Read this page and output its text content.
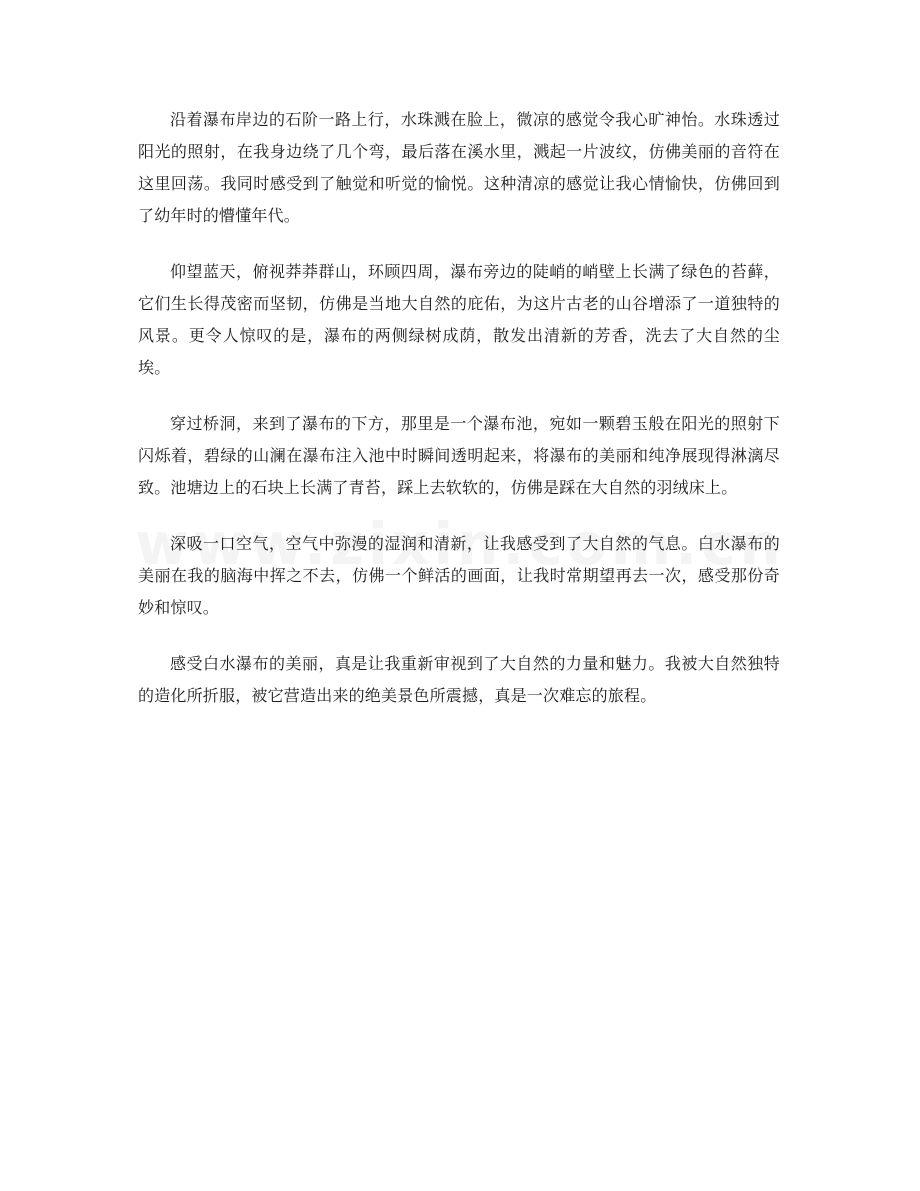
沿着瀑布岸边的石阶一路上行，水珠溅在脸上，微凉的感觉令我心旷神怡。水珠透过阳光的照射，在我身边绕了几个弯，最后落在溪水里，溅起一片波纹，仿佛美丽的音符在这里回荡。我同时感受到了触觉和听觉的愉悦。这种清凉的感觉让我心情愉快，仿佛回到了幼年时的懵懂年代。

仰望蓝天，俯视莽莽群山，环顾四周，瀑布旁边的陡峭的峭壁上长满了绿色的苔藓，它们生长得茂密而坚韧，仿佛是当地大自然的庇佑，为这片古老的山谷增添了一道独特的风景。更令人惊叹的是，瀑布的两侧绿树成荫，散发出清新的芳香，洗去了大自然的尘埃。

穿过桥洞，来到了瀑布的下方，那里是一个瀑布池，宛如一颗碧玉般在阳光的照射下闪烁着，碧绿的山澜在瀑布注入池中时瞬间透明起来，将瀑布的美丽和纯净展现得淋漓尽致。池塘边上的石块上长满了青苔，踩上去软软的，仿佛是踩在大自然的羽绒床上。

深吸一口空气，空气中弥漫的湿润和清新，让我感受到了大自然的气息。白水瀑布的美丽在我的脑海中挥之不去，仿佛一个鲜活的画面，让我时常期望再去一次，感受那份奇妙和惊叹。

感受白水瀑布的美丽，真是让我重新审视到了大自然的力量和魅力。我被大自然独特的造化所折服，被它营造出来的绝美景色所震撼，真是一次难忘的旅程。
